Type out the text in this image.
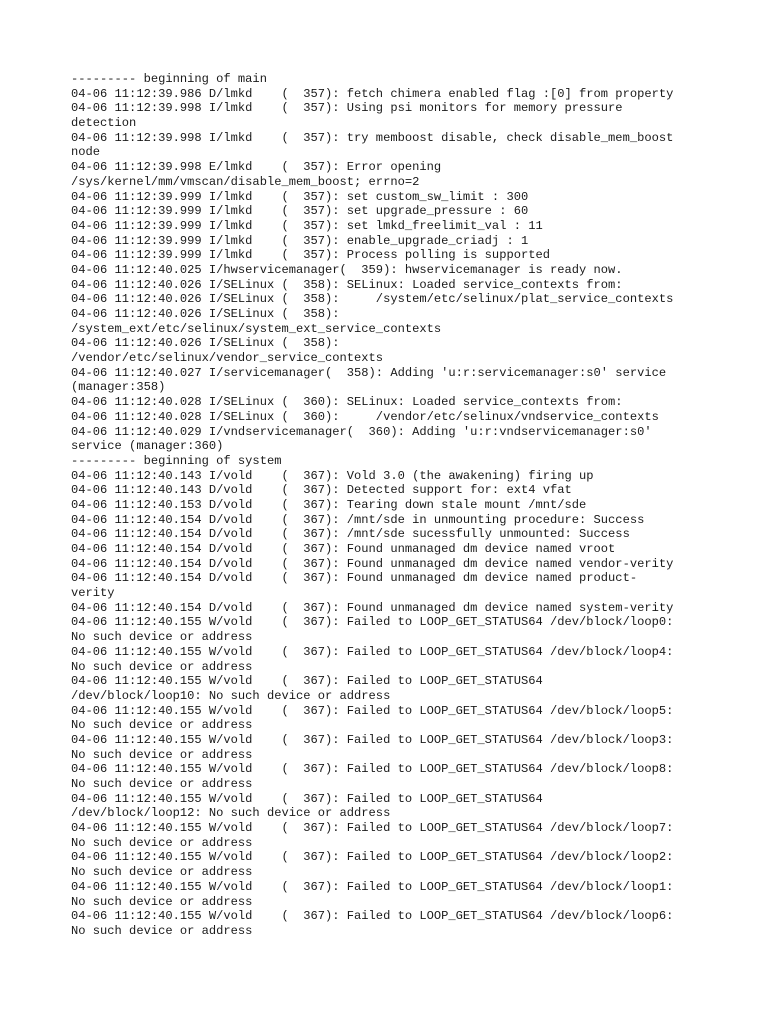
--------- beginning of main
04-06 11:12:39.986 D/lmkd    (  357): fetch chimera enabled flag :[0] from property
04-06 11:12:39.998 I/lmkd    (  357): Using psi monitors for memory pressure
detection
04-06 11:12:39.998 I/lmkd    (  357): try memboost disable, check disable_mem_boost
node
04-06 11:12:39.998 E/lmkd    (  357): Error opening
/sys/kernel/mm/vmscan/disable_mem_boost; errno=2
04-06 11:12:39.999 I/lmkd    (  357): set custom_sw_limit : 300
04-06 11:12:39.999 I/lmkd    (  357): set upgrade_pressure : 60
04-06 11:12:39.999 I/lmkd    (  357): set lmkd_freelimit_val : 11
04-06 11:12:39.999 I/lmkd    (  357): enable_upgrade_criadj : 1
04-06 11:12:39.999 I/lmkd    (  357): Process polling is supported
04-06 11:12:40.025 I/hwservicemanager(  359): hwservicemanager is ready now.
04-06 11:12:40.026 I/SELinux (  358): SELinux: Loaded service_contexts from:
04-06 11:12:40.026 I/SELinux (  358):     /system/etc/selinux/plat_service_contexts
04-06 11:12:40.026 I/SELinux (  358):
/system_ext/etc/selinux/system_ext_service_contexts
04-06 11:12:40.026 I/SELinux (  358):
/vendor/etc/selinux/vendor_service_contexts
04-06 11:12:40.027 I/servicemanager(  358): Adding 'u:r:servicemanager:s0' service
(manager:358)
04-06 11:12:40.028 I/SELinux (  360): SELinux: Loaded service_contexts from:
04-06 11:12:40.028 I/SELinux (  360):     /vendor/etc/selinux/vndservice_contexts
04-06 11:12:40.029 I/vndservicemanager(  360): Adding 'u:r:vndservicemanager:s0'
service (manager:360)
--------- beginning of system
04-06 11:12:40.143 I/vold    (  367): Vold 3.0 (the awakening) firing up
04-06 11:12:40.143 D/vold    (  367): Detected support for: ext4 vfat
04-06 11:12:40.153 D/vold    (  367): Tearing down stale mount /mnt/sde
04-06 11:12:40.154 D/vold    (  367): /mnt/sde in unmounting procedure: Success
04-06 11:12:40.154 D/vold    (  367): /mnt/sde sucessfully unmounted: Success
04-06 11:12:40.154 D/vold    (  367): Found unmanaged dm device named vroot
04-06 11:12:40.154 D/vold    (  367): Found unmanaged dm device named vendor-verity
04-06 11:12:40.154 D/vold    (  367): Found unmanaged dm device named product-
verity
04-06 11:12:40.154 D/vold    (  367): Found unmanaged dm device named system-verity
04-06 11:12:40.155 W/vold    (  367): Failed to LOOP_GET_STATUS64 /dev/block/loop0:
No such device or address
04-06 11:12:40.155 W/vold    (  367): Failed to LOOP_GET_STATUS64 /dev/block/loop4:
No such device or address
04-06 11:12:40.155 W/vold    (  367): Failed to LOOP_GET_STATUS64
/dev/block/loop10: No such device or address
04-06 11:12:40.155 W/vold    (  367): Failed to LOOP_GET_STATUS64 /dev/block/loop5:
No such device or address
04-06 11:12:40.155 W/vold    (  367): Failed to LOOP_GET_STATUS64 /dev/block/loop3:
No such device or address
04-06 11:12:40.155 W/vold    (  367): Failed to LOOP_GET_STATUS64 /dev/block/loop8:
No such device or address
04-06 11:12:40.155 W/vold    (  367): Failed to LOOP_GET_STATUS64
/dev/block/loop12: No such device or address
04-06 11:12:40.155 W/vold    (  367): Failed to LOOP_GET_STATUS64 /dev/block/loop7:
No such device or address
04-06 11:12:40.155 W/vold    (  367): Failed to LOOP_GET_STATUS64 /dev/block/loop2:
No such device or address
04-06 11:12:40.155 W/vold    (  367): Failed to LOOP_GET_STATUS64 /dev/block/loop1:
No such device or address
04-06 11:12:40.155 W/vold    (  367): Failed to LOOP_GET_STATUS64 /dev/block/loop6:
No such device or address
